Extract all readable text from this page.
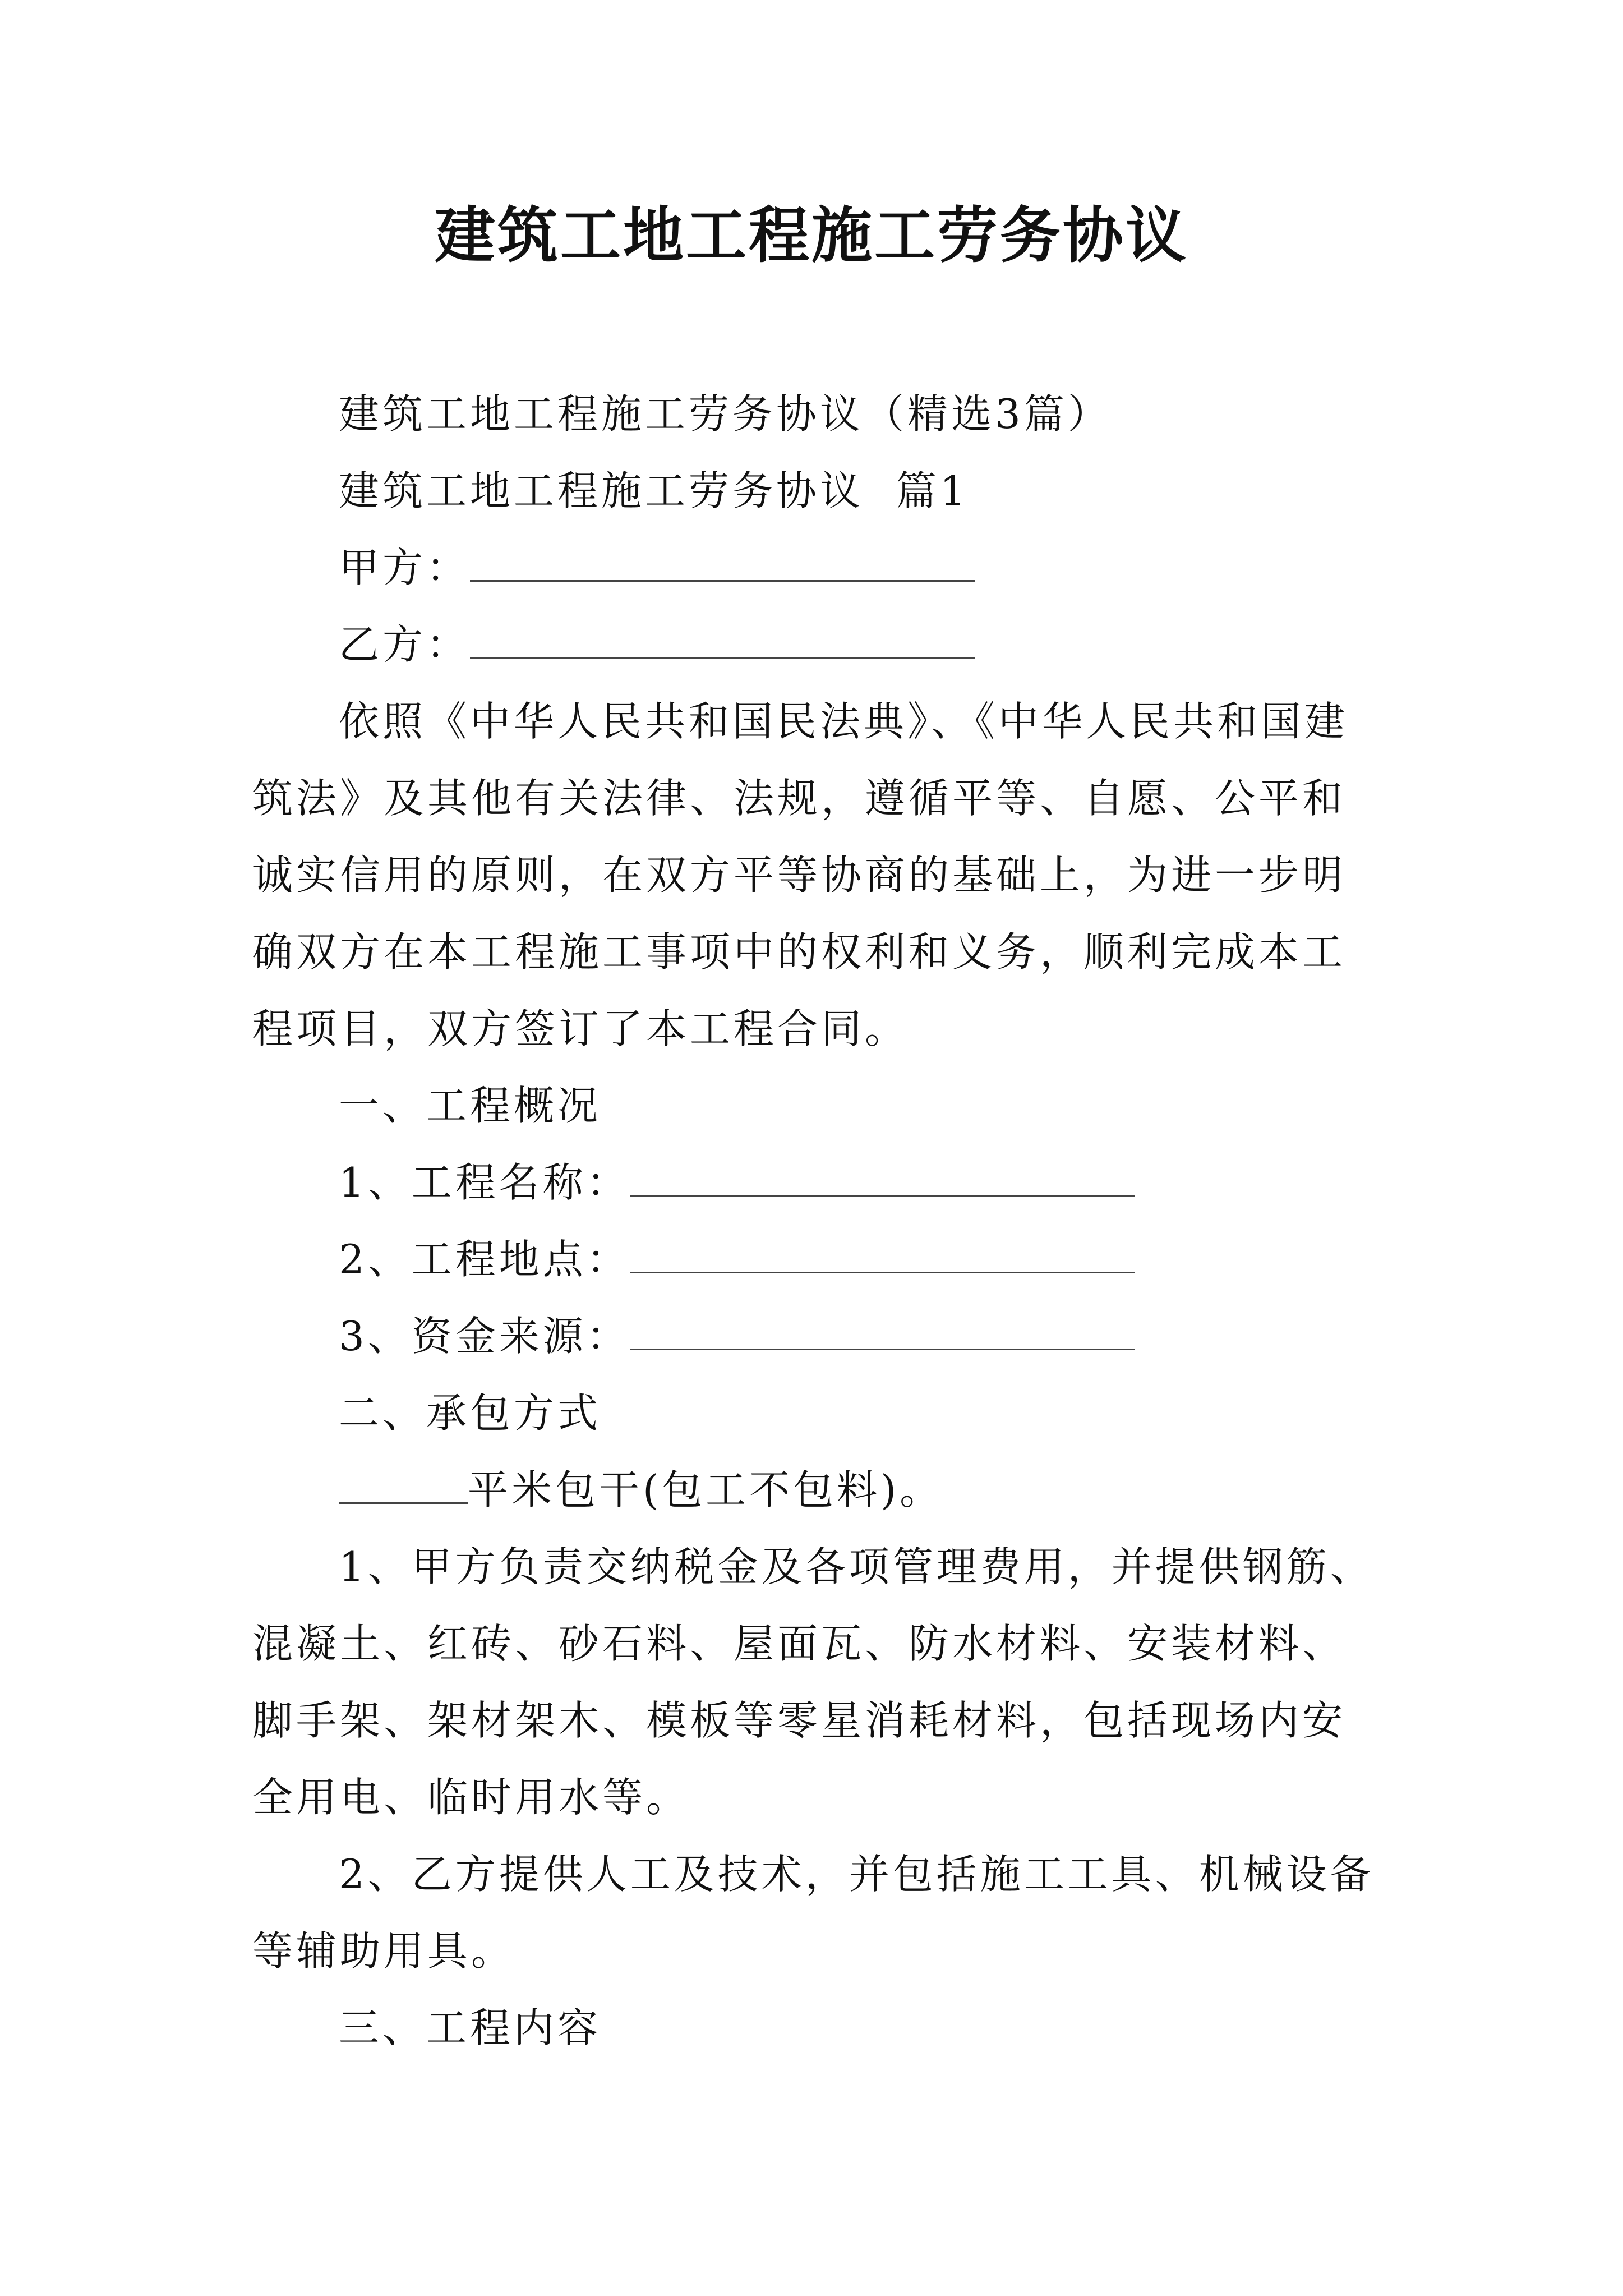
建筑工地工程施工劳务协议

建筑工地工程施工劳务协议（精选3篇）

建筑工地工程施工劳务协议  篇1

甲方：

乙方：

依照《中华人民共和国民法典》、《中华人民共和国建筑法》及其他有关法律、法规，遵循平等、自愿、公平和诚实信用的原则，在双方平等协商的基础上，为进一步明确双方在本工程施工事项中的权利和义务，顺利完成本工程项目，双方签订了本工程合同。

一、工程概况

1、工程名称：

2、工程地点：

3、资金来源：

二、承包方式

平米包干(包工不包料)。

1、甲方负责交纳税金及各项管理费用，并提供钢筋、混凝土、红砖、砂石料、屋面瓦、防水材料、安装材料、脚手架、架材架木、模板等零星消耗材料，包括现场内安全用电、临时用水等。

2、乙方提供人工及技术，并包括施工工具、机械设备等辅助用具。

三、工程内容
